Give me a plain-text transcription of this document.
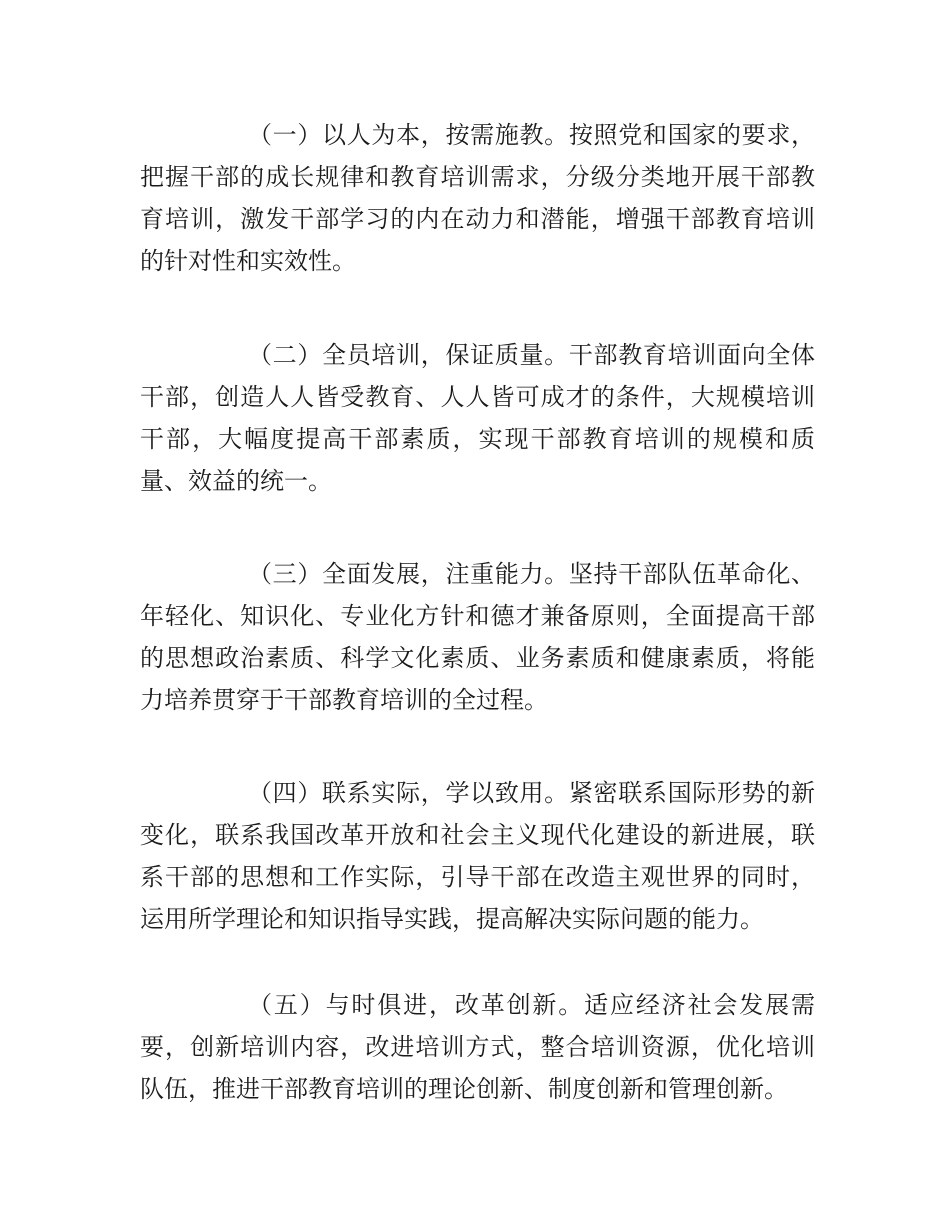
（一）以人为本，按需施教。按照党和国家的要求，
把握干部的成长规律和教育培训需求，分级分类地开展干部教
育培训，激发干部学习的内在动力和潜能，增强干部教育培训
的针对性和实效性。
（二）全员培训，保证质量。干部教育培训面向全体
干部，创造人人皆受教育、人人皆可成才的条件，大规模培训
干部，大幅度提高干部素质，实现干部教育培训的规模和质
量、效益的统一。
（三）全面发展，注重能力。坚持干部队伍革命化、
年轻化、知识化、专业化方针和德才兼备原则，全面提高干部
的思想政治素质、科学文化素质、业务素质和健康素质，将能
力培养贯穿于干部教育培训的全过程。
（四）联系实际，学以致用。紧密联系国际形势的新
变化，联系我国改革开放和社会主义现代化建设的新进展，联
系干部的思想和工作实际，引导干部在改造主观世界的同时，
运用所学理论和知识指导实践，提高解决实际问题的能力。
（五）与时俱进，改革创新。适应经济社会发展需
要，创新培训内容，改进培训方式，整合培训资源，优化培训
队伍，推进干部教育培训的理论创新、制度创新和管理创新。
